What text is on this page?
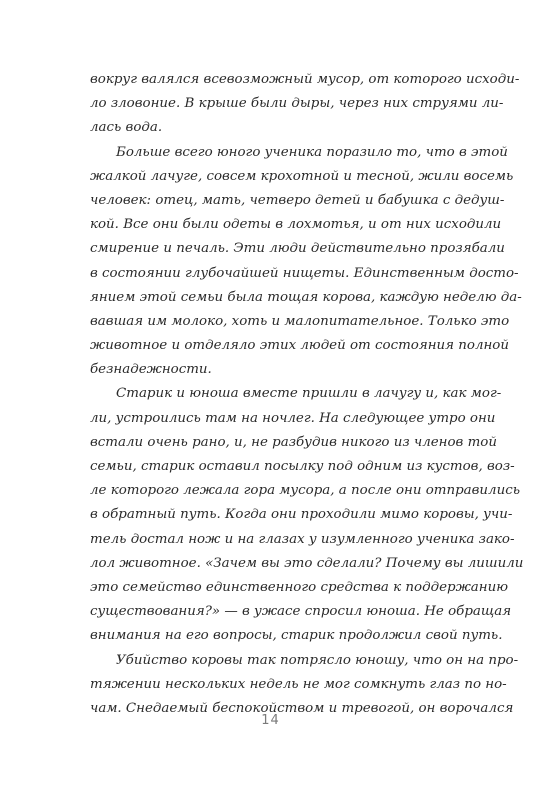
вокруг валялся всевозможный мусор, от которого исходи-
ло зловоние. В крыше были дыры, через них струями ли-
лась вода.
Больше всего юного ученика поразило то, что в этой
жалкой лачуге, совсем крохотной и тесной, жили восемь
человек: отец, мать, четверо детей и бабушка с дедуш-
кой. Все они были одеты в лохмотья, и от них исходили
смирение и печаль. Эти люди действительно прозябали
в состоянии глубочайшей нищеты. Единственным досто-
янием этой семьи была тощая корова, каждую неделю да-
вавшая им молоко, хоть и малопитательное. Только это
животное и отделяло этих людей от состояния полной
безнадежности.
Старик и юноша вместе пришли в лачугу и, как мог-
ли, устроились там на ночлег. На следующее утро они
встали очень рано, и, не разбудив никого из членов той
семьи, старик оставил посылку под одним из кустов, воз-
ле которого лежала гора мусора, а после они отправились
в обратный путь. Когда они проходили мимо коровы, учи-
тель достал нож и на глазах у изумленного ученика зако-
лол животное. «Зачем вы это сделали? Почему вы лишили
это семейство единственного средства к поддержанию
существования?» — в ужасе спросил юноша. Не обращая
внимания на его вопросы, старик продолжил свой путь.
Убийство коровы так потрясло юношу, что он на про-
тяжении нескольких недель не мог сомкнуть глаз по но-
чам. Снедаемый беспокойством и тревогой, он ворочался
14
